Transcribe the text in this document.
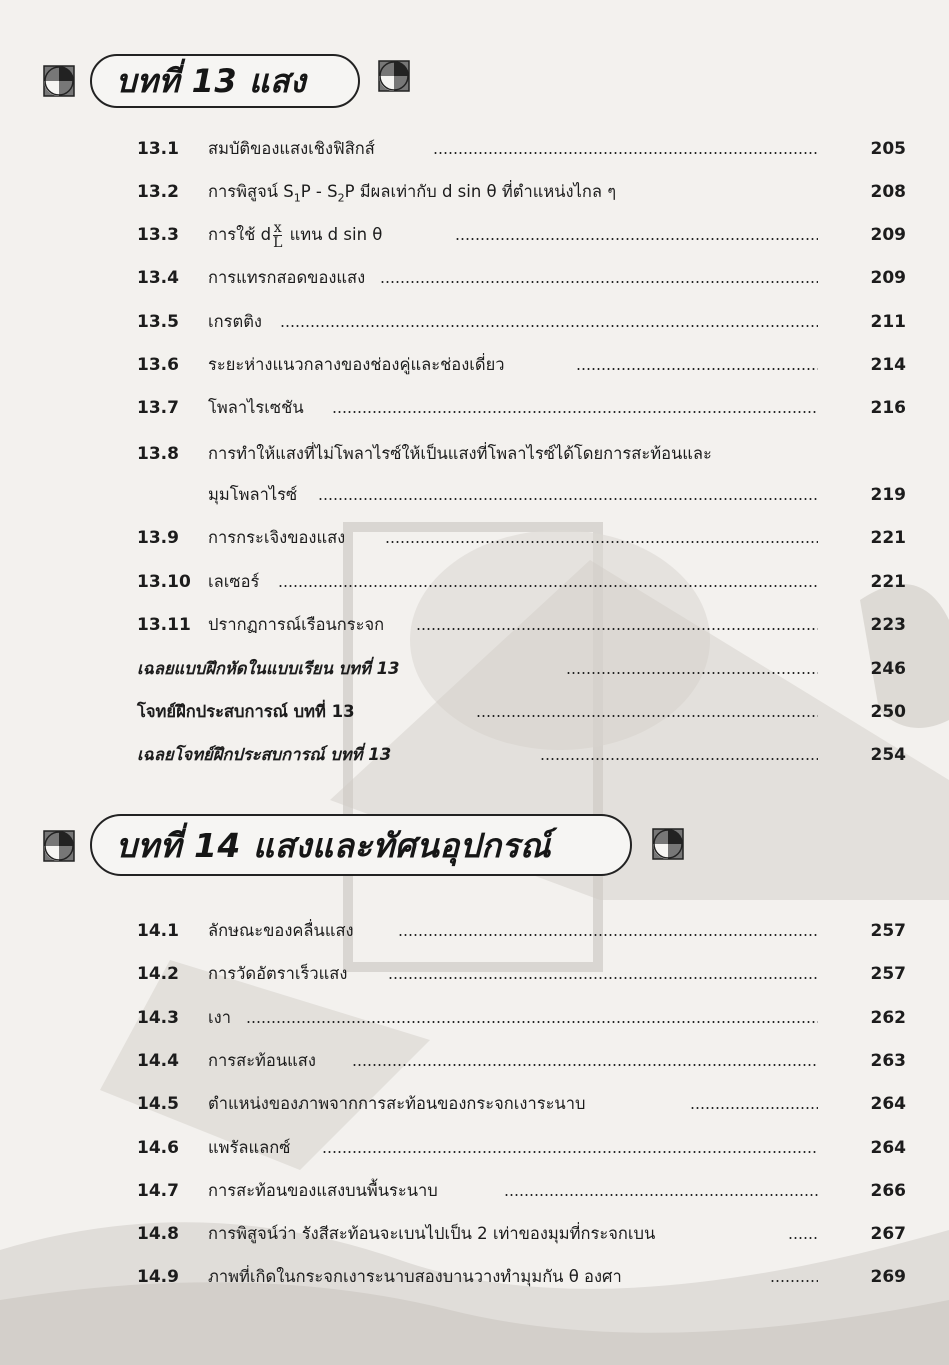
บทที่ 13 แสง
13.1 สมบัติของแสงเชิงฟิสิกส์	205
13.2 การพิสูจน์ $S_1P - S_2P$ มีผลเท่ากับ d sin θ ที่ตำแหน่งไกล ๆ	208
13.3 การใช้ d $\frac{x}{L}$ แทน d sin θ	209
13.4 การแทรกสอดของแสง	209
13.5 เกรตติง	211
13.6 ระยะห่างแนวกลางของช่องคู่และช่องเดี่ยว	214
13.7 โพลาไรเซชัน	216
13.8 การทำให้แสงที่ไม่โพลาไรซ์ให้เป็นแสงที่โพลาไรซ์ได้โดยการสะท้อนและ
มุมโพลาไรซ์	219
13.9 การกระเจิงของแสง	221
13.10 เลเซอร์	221
13.11 ปรากฏการณ์เรือนกระจก	223
เฉลยแบบฝึกหัดในแบบเรียน บทที่ 13	246
โจทย์ฝึกประสบการณ์ บทที่ 13	250
เฉลยโจทย์ฝึกประสบการณ์ บทที่ 13	254
บทที่ 14 แสงและทัศนอุปกรณ์
14.1 ลักษณะของคลื่นแสง	257
14.2 การวัดอัตราเร็วแสง	257
14.3 เงา	262
14.4 การสะท้อนแสง	263
14.5 ตำแหน่งของภาพจากการสะท้อนของกระจกเงาระนาบ	264
14.6 แพรัลแลกซ์	264
14.7 การสะท้อนของแสงบนพื้นระนาบ	266
14.8 การพิสูจน์ว่า รังสีสะท้อนจะเบนไปเป็น 2 เท่าของมุมที่กระจกเบน	267
14.9 ภาพที่เกิดในกระจกเงาระนาบสองบานวางทำมุมกัน θ องศา	269
